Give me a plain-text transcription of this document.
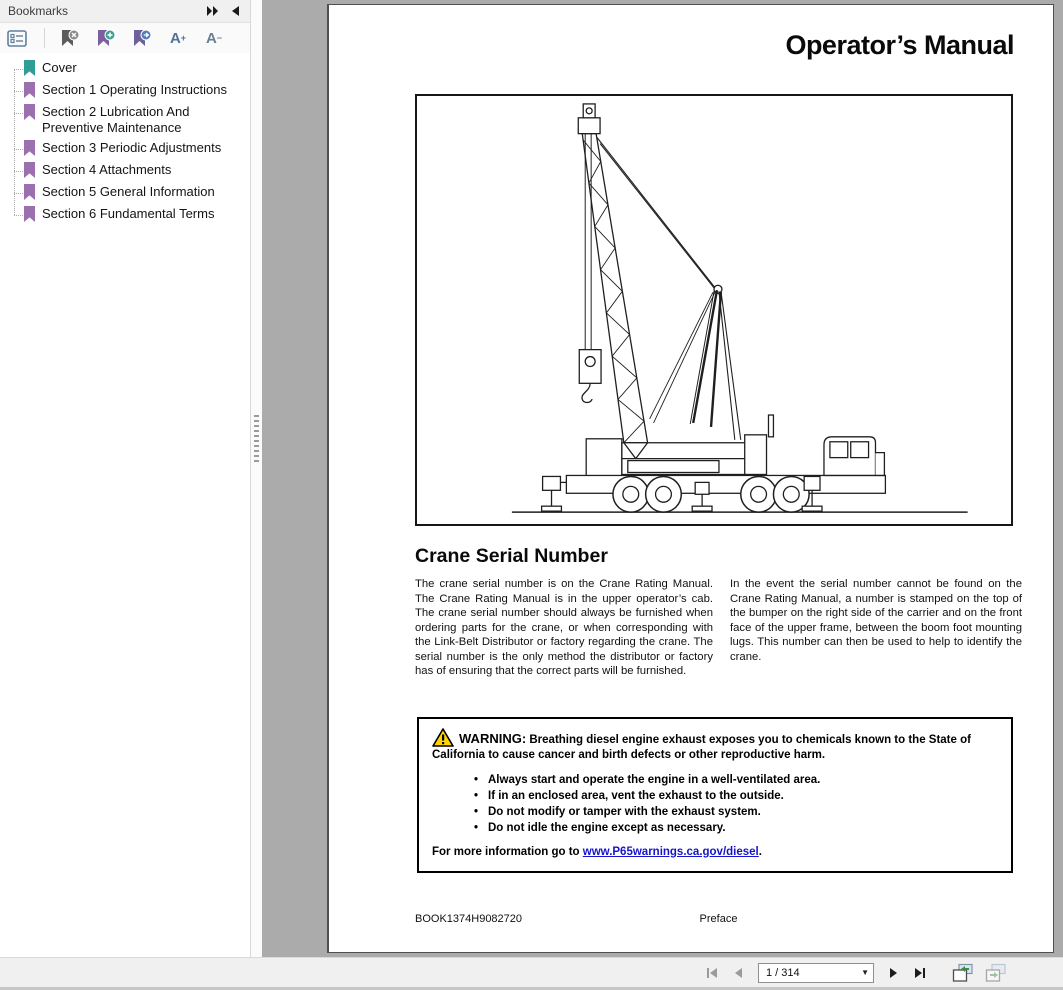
Bookmarks
A + A −
Cover
Section 1 Operating Instructions
Section 2 Lubrication And Preventive Maintenance
Section 3 Periodic Adjustments
Section 4 Attachments
Section 5 General Information
Section 6 Fundamental Terms
Operator’s Manual
Crane Serial Number
The crane serial number is on the Crane Rating Manual. The Crane Rating Manual is in the upper operator’s cab. The crane serial number should always be furnished when ordering parts for the crane, or when corresponding with the Link-Belt Distributor or factory regarding the crane. The serial number is the only method the distributor or factory has of ensuring that the correct parts will be furnished.
In the event the serial number cannot be found on the Crane Rating Manual, a number is stamped on the top of the bumper on the right side of the carrier and on the front face of the upper frame, between the boom foot mounting lugs. This number can then be used to help to identify the crane.
WARNING: Breathing diesel engine exhaust exposes you to chemicals known to the State of California to cause cancer and birth defects or other reproductive harm.
• Always start and operate the engine in a well-ventilated area.
• If in an enclosed area, vent the exhaust to the outside.
• Do not modify or tamper with the exhaust system.
• Do not idle the engine except as necessary.
For more information go to www.P65warnings.ca.gov/diesel.
BOOK1374H9082720	Preface
1 / 314	▼
